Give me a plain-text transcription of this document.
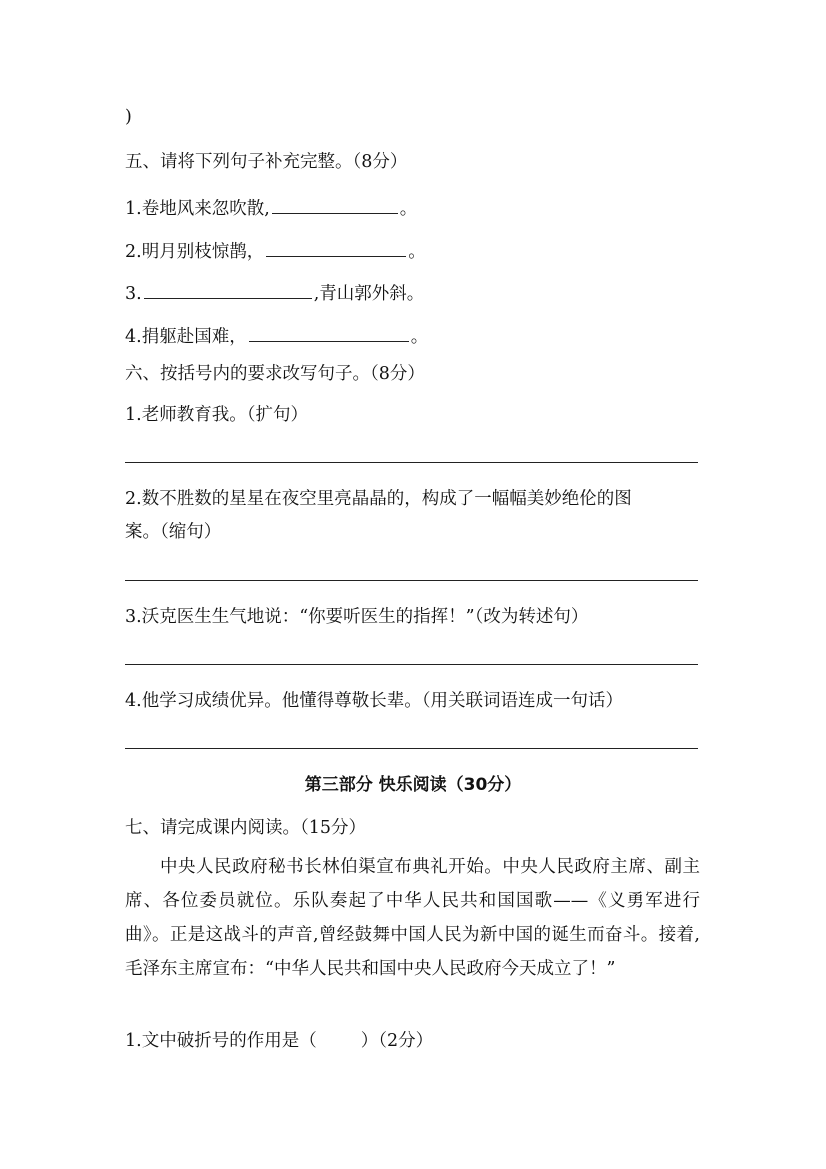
)
五、请将下列句子补充完整。（8分）
1.卷地风来忽吹散,	。
2.明月别枝惊鹊，	。
3.	,青山郭外斜。
4.捐躯赴国难，	。
六、按括号内的要求改写句子。（8分）
1.老师教育我。（扩句）
2.数不胜数的星星在夜空里亮晶晶的，构成了一幅幅美妙绝伦的图
案。（缩句）
3.沃克医生生气地说：“你要听医生的指挥！”（改为转述句）
4.他学习成绩优异。他懂得尊敬长辈。（用关联词语连成一句话）
第三部分 快乐阅读（30分）
七、请完成课内阅读。（15分）
中央人民政府秘书长林伯渠宣布典礼开始。中央人民政府主席、副主席、各位委员就位。乐队奏起了中华人民共和国国歌——《义勇军进行曲》。正是这战斗的声音,曾经鼓舞中国人民为新中国的诞生而奋斗。接着,毛泽东主席宣布：“中华人民共和国中央人民政府今天成立了！”
1.文中破折号的作用是（	）（2分）
